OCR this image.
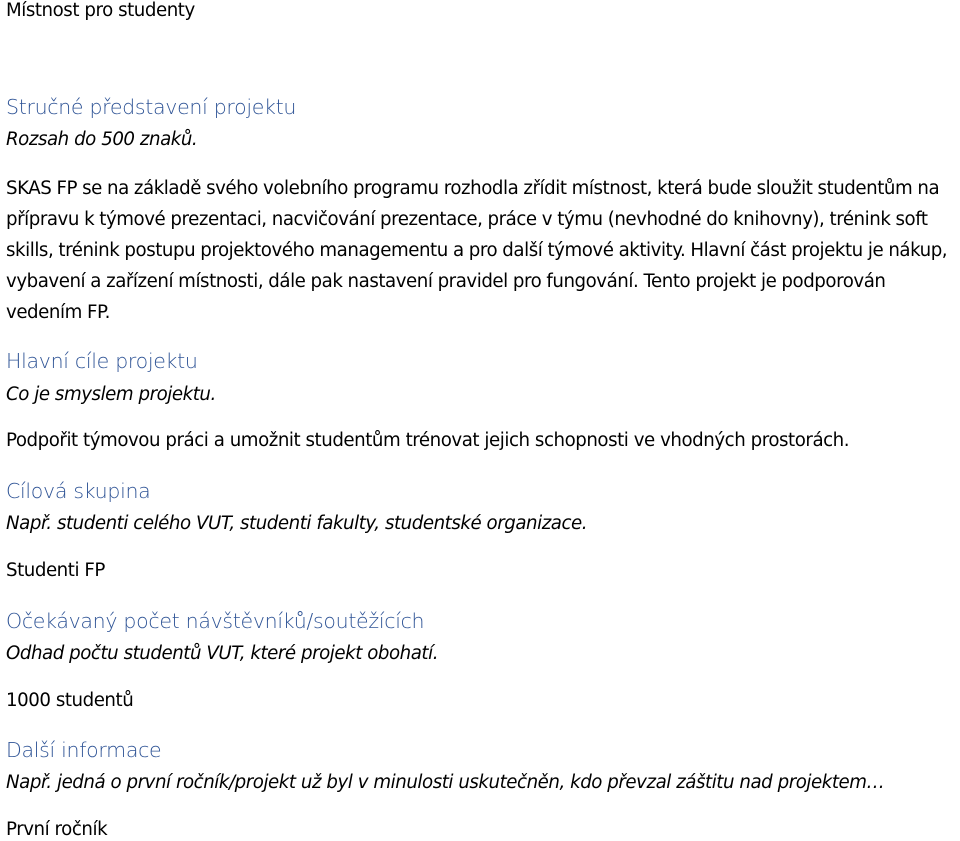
Místnost pro studenty
Stručné představení projektu
Rozsah do 500 znaků.
SKAS FP se na základě svého volebního programu rozhodla zřídit místnost, která bude sloužit studentům na přípravu k týmové prezentaci, nacvičování prezentace, práce v týmu (nevhodné do knihovny), trénink soft skills, trénink postupu projektového managementu a pro další týmové aktivity. Hlavní část projektu je nákup, vybavení a zařízení místnosti, dále pak nastavení pravidel pro fungování. Tento projekt je podporován vedením FP.
Hlavní cíle projektu
Co je smyslem projektu.
Podpořit týmovou práci a umožnit studentům trénovat jejich schopnosti ve vhodných prostorách.
Cílová skupina
Např. studenti celého VUT, studenti fakulty, studentské organizace.
Studenti FP
Očekávaný počet návštěvníků/soutěžících
Odhad počtu studentů VUT, které projekt obohatí.
1000 studentů
Další informace
Např. jedná o první ročník/projekt už byl v minulosti uskutečněn, kdo převzal záštitu nad projektem…
První ročník
